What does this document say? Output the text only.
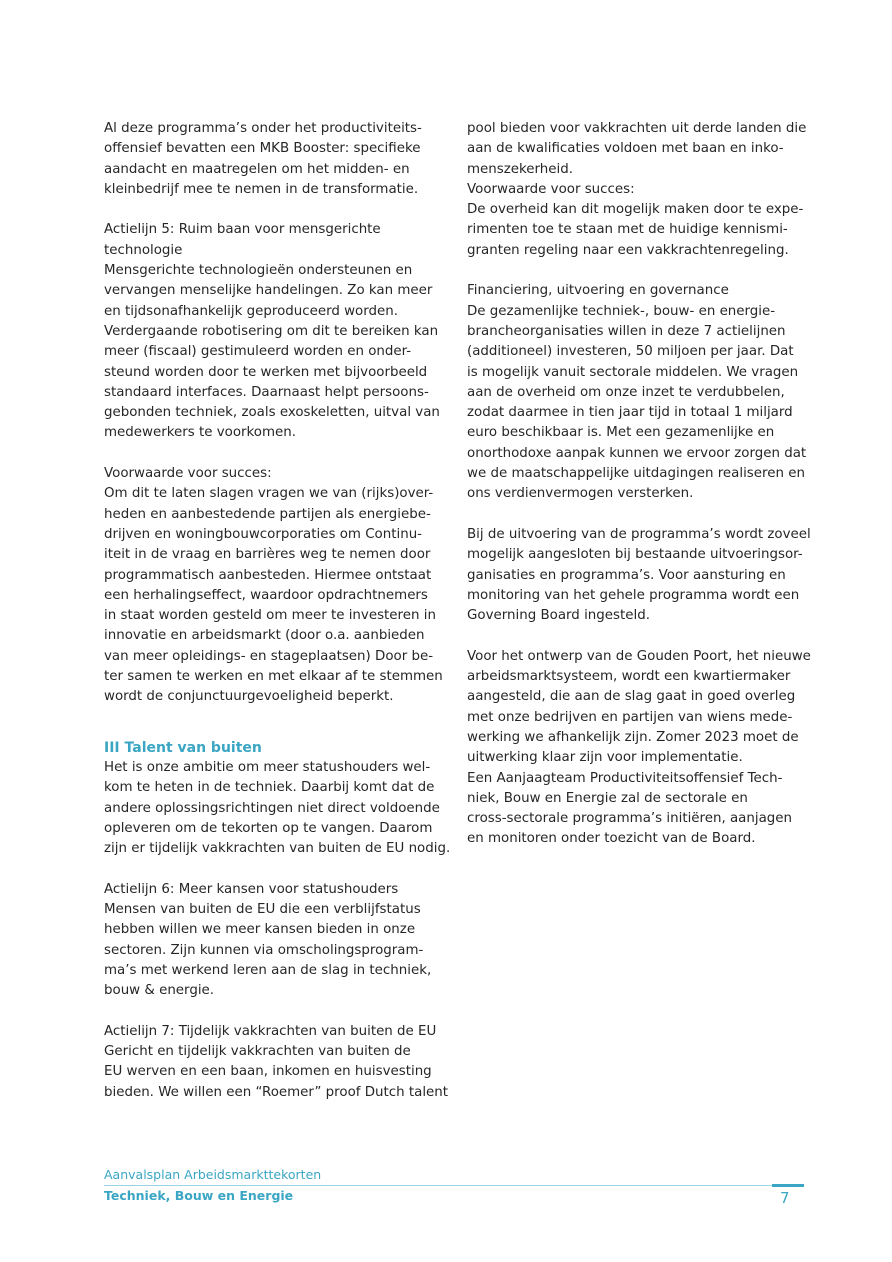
Al deze programma’s onder het productiviteits-
offensief bevatten een MKB Booster: specifieke
aandacht en maatregelen om het midden- en
kleinbedrijf mee te nemen in de transformatie.
Actielijn 5: Ruim baan voor mensgerichte
technologie
Mensgerichte technologieën ondersteunen en
vervangen menselijke handelingen. Zo kan meer
en tijdsonafhankelijk geproduceerd worden.
Verdergaande robotisering om dit te bereiken kan
meer (fiscaal) gestimuleerd worden en onder-
steund worden door te werken met bijvoorbeeld
standaard interfaces. Daarnaast helpt persoons-
gebonden techniek, zoals exoskeletten, uitval van
medewerkers te voorkomen.
Voorwaarde voor succes:
Om dit te laten slagen vragen we van (rijks)over-
heden en aanbestedende partijen als energiebe-
drijven en woningbouwcorporaties om Continu-
iteit in de vraag en barrières weg te nemen door
programmatisch aanbesteden. Hiermee ontstaat
een herhalingseffect, waardoor opdrachtnemers
in staat worden gesteld om meer te investeren in
innovatie en arbeidsmarkt (door o.a. aanbieden
van meer opleidings- en stageplaatsen) Door be-
ter samen te werken en met elkaar af te stemmen
wordt de conjunctuurgevoeligheid beperkt.
III Talent van buiten
Het is onze ambitie om meer statushouders wel-
kom te heten in de techniek. Daarbij komt dat de
andere oplossingsrichtingen niet direct voldoende
opleveren om de tekorten op te vangen. Daarom
zijn er tijdelijk vakkrachten van buiten de EU nodig.
Actielijn 6: Meer kansen voor statushouders
Mensen van buiten de EU die een verblijfstatus
hebben willen we meer kansen bieden in onze
sectoren. Zijn kunnen via omscholingsprogram-
ma’s met werkend leren aan de slag in techniek,
bouw & energie.
Actielijn 7: Tijdelijk vakkrachten van buiten de EU
Gericht en tijdelijk vakkrachten van buiten de
EU werven en een baan, inkomen en huisvesting
bieden. We willen een “Roemer” proof Dutch talent
pool bieden voor vakkrachten uit derde landen die
aan de kwalificaties voldoen met baan en inko-
menszekerheid.
Voorwaarde voor succes:
De overheid kan dit mogelijk maken door te expe-
rimenten toe te staan met de huidige kennismi-
granten regeling naar een vakkrachtenregeling.
Financiering, uitvoering en governance
De gezamenlijke techniek-, bouw- en energie-
brancheorganisaties willen in deze 7 actielijnen
(additioneel) investeren, 50 miljoen per jaar. Dat
is mogelijk vanuit sectorale middelen. We vragen
aan de overheid om onze inzet te verdubbelen,
zodat daarmee in tien jaar tijd in totaal 1 miljard
euro beschikbaar is. Met een gezamenlijke en
onorthodoxe aanpak kunnen we ervoor zorgen dat
we de maatschappelijke uitdagingen realiseren en
ons verdienvermogen versterken.
Bij de uitvoering van de programma’s wordt zoveel
mogelijk aangesloten bij bestaande uitvoeringsor-
ganisaties en programma’s. Voor aansturing en
monitoring van het gehele programma wordt een
Governing Board ingesteld.
Voor het ontwerp van de Gouden Poort, het nieuwe
arbeidsmarktsysteem, wordt een kwartiermaker
aangesteld, die aan de slag gaat in goed overleg
met onze bedrijven en partijen van wiens mede-
werking we afhankelijk zijn. Zomer 2023 moet de
uitwerking klaar zijn voor implementatie.
Een Aanjaagteam Productiviteitsoffensief Tech-
niek, Bouw en Energie zal de sectorale en
cross-sectorale programma’s initiëren, aanjagen
en monitoren onder toezicht van de Board.
Aanvalsplan Arbeidsmarkttekorten
Techniek, Bouw en Energie	7
